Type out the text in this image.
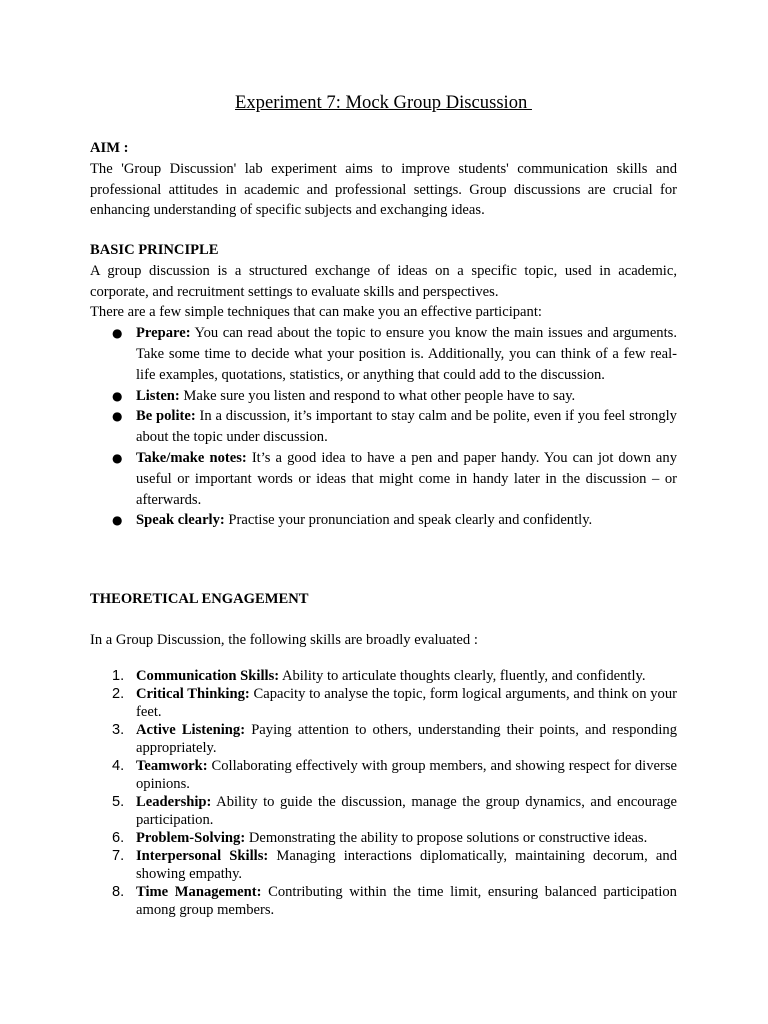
Experiment 7: Mock Group Discussion
AIM :
The 'Group Discussion' lab experiment aims to improve students' communication skills and professional attitudes in academic and professional settings. Group discussions are crucial for enhancing understanding of specific subjects and exchanging ideas.
BASIC PRINCIPLE
A group discussion is a structured exchange of ideas on a specific topic, used in academic, corporate, and recruitment settings to evaluate skills and perspectives.
There are a few simple techniques that can make you an effective participant:
● Prepare: You can read about the topic to ensure you know the main issues and arguments. Take some time to decide what your position is. Additionally, you can think of a few real-life examples, quotations, statistics, or anything that could add to the discussion.
● Listen: Make sure you listen and respond to what other people have to say.
● Be polite: In a discussion, it’s important to stay calm and be polite, even if you feel strongly about the topic under discussion.
● Take/make notes: It’s a good idea to have a pen and paper handy. You can jot down any useful or important words or ideas that might come in handy later in the discussion – or afterwards.
● Speak clearly: Practise your pronunciation and speak clearly and confidently.
THEORETICAL ENGAGEMENT
In a Group Discussion, the following skills are broadly evaluated :
1. Communication Skills: Ability to articulate thoughts clearly, fluently, and confidently.
2. Critical Thinking: Capacity to analyse the topic, form logical arguments, and think on your feet.
3. Active Listening: Paying attention to others, understanding their points, and responding appropriately.
4. Teamwork: Collaborating effectively with group members, and showing respect for diverse opinions.
5. Leadership: Ability to guide the discussion, manage the group dynamics, and encourage participation.
6. Problem-Solving: Demonstrating the ability to propose solutions or constructive ideas.
7. Interpersonal Skills: Managing interactions diplomatically, maintaining decorum, and showing empathy.
8. Time Management: Contributing within the time limit, ensuring balanced participation among group members.
